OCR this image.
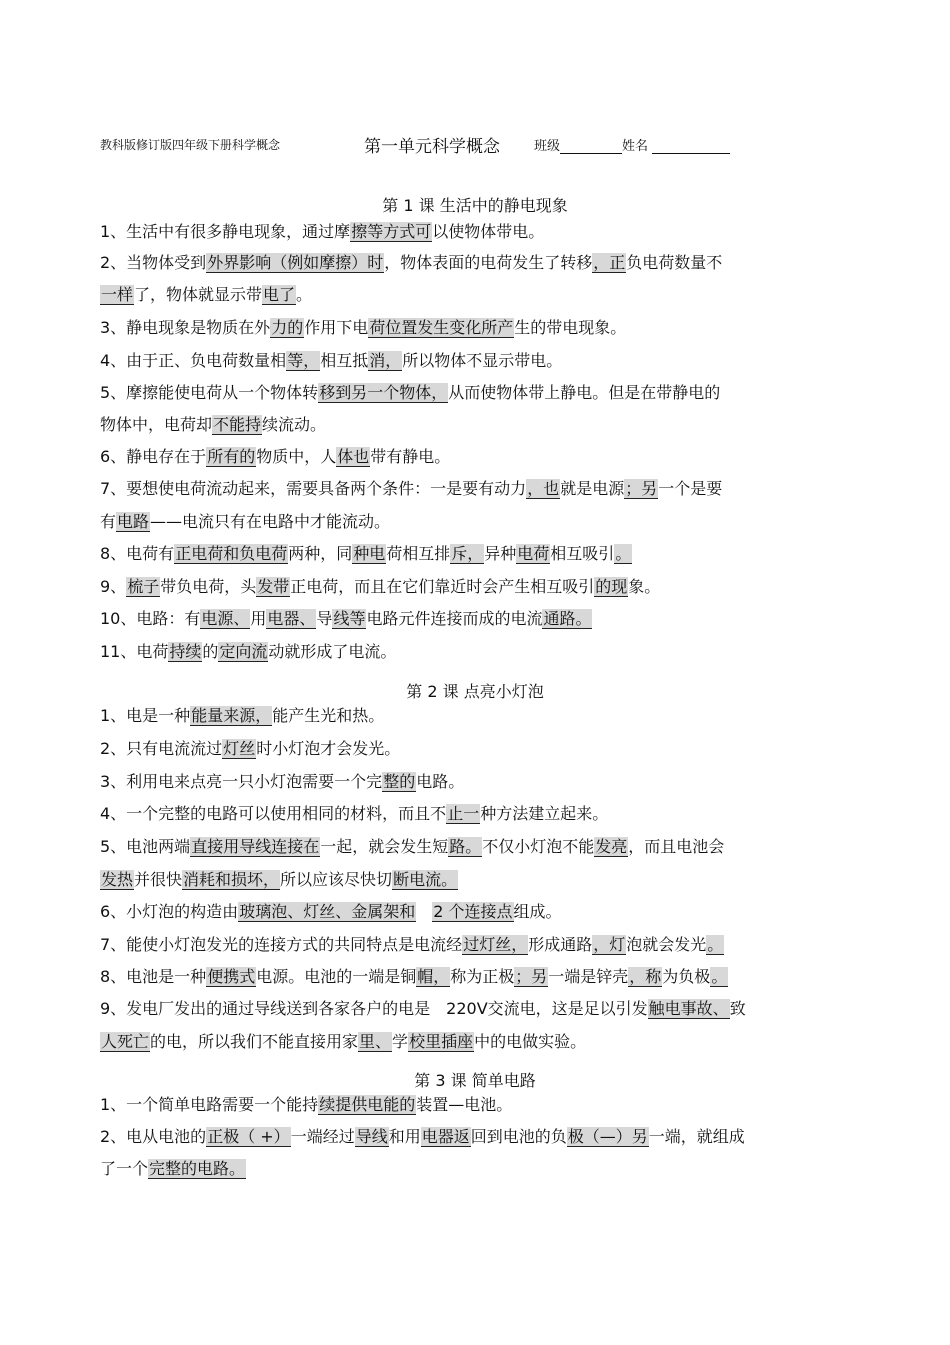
教科版修订版四年级下册科学概念	第一单元科学概念	班级	姓名
第 1 课 生活中的静电现象
第 2 课 点亮小灯泡
第 3 课 简单电路
1、生活中有很多静电现象，通过摩擦等方式可以使物体带电。
2、当物体受到外界影响（例如摩擦）时，物体表面的电荷发生了转移，正负电荷数量不　　
一样了，物体就显示带电了。
3、静电现象是物质在外力的作用下电荷位置发生变化所产生的带电现象。
4、由于正、负电荷数量相等，相互抵消，所以物体不显示带电。
5、摩擦能使电荷从一个物体转移到另一个物体，从而使物体带上静电。但是在带静电的
物体中，电荷却不能持续流动。
6、静电存在于所有的物质中，人体也带有静电。
7、要想使电荷流动起来，需要具备两个条件：一是要有动力，也就是电源；另一个是要
有电路——电流只有在电路中才能流动。
8、电荷有正电荷和负电荷两种，同种电荷相互排斥，异种电荷相互吸引。
9、梳子带负电荷，头发带正电荷，而且在它们靠近时会产生相互吸引的现象。
10、电路：有电源、用电器、导线等电路元件连接而成的电流通路。
11、电荷持续的定向流动就形成了电流。
1、电是一种能量来源，能产生光和热。
2、只有电流流过灯丝时小灯泡才会发光。
3、利用电来点亮一只小灯泡需要一个完整的电路。
4、一个完整的电路可以使用相同的材料，而且不止一种方法建立起来。
5、电池两端直接用导线连接在一起，就会发生短路。不仅小灯泡不能发亮，而且电池会
发热并很快消耗和损坏，所以应该尽快切断电流。
6、小灯泡的构造由玻璃泡、灯丝、金属架和　 2 个连接点组成。
7、能使小灯泡发光的连接方式的共同特点是电流经过灯丝，形成通路，灯泡就会发光。
8、电池是一种便携式电源。电池的一端是铜帽，称为正极；另一端是锌壳，称为负极。
9、发电厂发出的通过导线送到各家各户的电是　220V交流电，这是足以引发触电事故、致
人死亡的电，所以我们不能直接用家里、学校里插座中的电做实验。
1、一个简单电路需要一个能持续提供电能的装置—电池。
2、电从电池的正极（ +）一端经过导线和用电器返回到电池的负极（—）另一端，就组成
了一个完整的电路。
